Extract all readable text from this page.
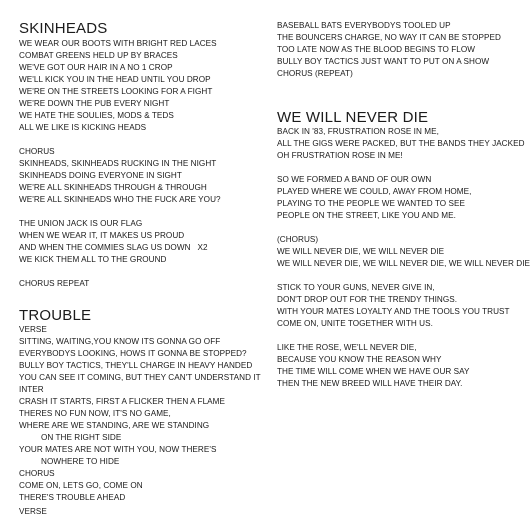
SKINHEADS
WE WEAR OUR BOOTS WITH BRIGHT RED LACES
COMBAT GREENS HELD UP BY BRACES
WE'VE GOT OUR HAIR IN A NO 1 CROP
WE'LL KICK YOU IN THE HEAD UNTIL YOU DROP
WE'RE ON THE STREETS LOOKING FOR A FIGHT
WE'RE DOWN THE PUB EVERY NIGHT
WE HATE THE SOULIES, MODS & TEDS
ALL WE LIKE IS KICKING HEADS
CHORUS
SKINHEADS, SKINHEADS RUCKING IN THE NIGHT
SKINHEADS DOING EVERYONE IN SIGHT
WE'RE ALL SKINHEADS THROUGH & THROUGH
WE'RE ALL SKINHEADS WHO THE FUCK ARE YOU?
THE UNION JACK IS OUR FLAG
WHEN WE WEAR IT, IT MAKES US PROUD
AND WHEN THE COMMIES SLAG US DOWN   X2
WE KICK THEM ALL TO THE GROUND
CHORUS REPEAT
TROUBLE
VERSE
SITTING, WAITING,YOU KNOW ITS GONNA GO OFF
EVERYBODYS LOOKING, HOWS IT GONNA BE STOPPED?
BULLY BOY TACTICS, THEY'LL CHARGE IN HEAVY HANDED
YOU CAN SEE IT COMING, BUT THEY CAN'T UNDERSTAND IT
INTER
CRASH IT STARTS, FIRST A FLICKER THEN A FLAME
THERES NO FUN NOW, IT'S NO GAME,
WHERE ARE WE STANDING, ARE WE STANDING
ON THE RIGHT SIDE
YOUR MATES ARE NOT WITH YOU, NOW THERE'S
NOWHERE TO HIDE
CHORUS
COME ON, LETS GO, COME ON
THERE'S TROUBLE AHEAD
VERSE
BASEBALL BATS EVERYBODYS TOOLED UP
THE BOUNCERS CHARGE, NO WAY IT CAN BE STOPPED
TOO LATE NOW AS THE BLOOD BEGINS TO FLOW
BULLY BOY TACTICS JUST WANT TO PUT ON A SHOW
CHORUS (REPEAT)
WE WILL NEVER DIE
BACK IN '83, FRUSTRATION ROSE IN ME,
ALL THE GIGS WERE PACKED, BUT THE BANDS THEY JACKED
OH FRUSTRATION ROSE IN ME!
SO WE FORMED A BAND OF OUR OWN
PLAYED WHERE WE COULD, AWAY FROM HOME,
PLAYING TO THE PEOPLE WE WANTED TO SEE
PEOPLE ON THE STREET, LIKE YOU AND ME.
(CHORUS)
WE WILL NEVER DIE, WE WILL NEVER DIE
WE WILL NEVER DIE, WE WILL NEVER DIE, WE WILL NEVER DIE
STICK TO YOUR GUNS, NEVER GIVE IN,
DON'T DROP OUT FOR THE TRENDY THINGS.
WITH YOUR MATES LOYALTY AND THE TOOLS YOU TRUST
COME ON, UNITE TOGETHER WITH US.
LIKE THE ROSE, WE'LL NEVER DIE,
BECAUSE YOU KNOW THE REASON WHY
THE TIME WILL COME WHEN WE HAVE OUR SAY
THEN THE NEW BREED WILL HAVE THEIR DAY.
